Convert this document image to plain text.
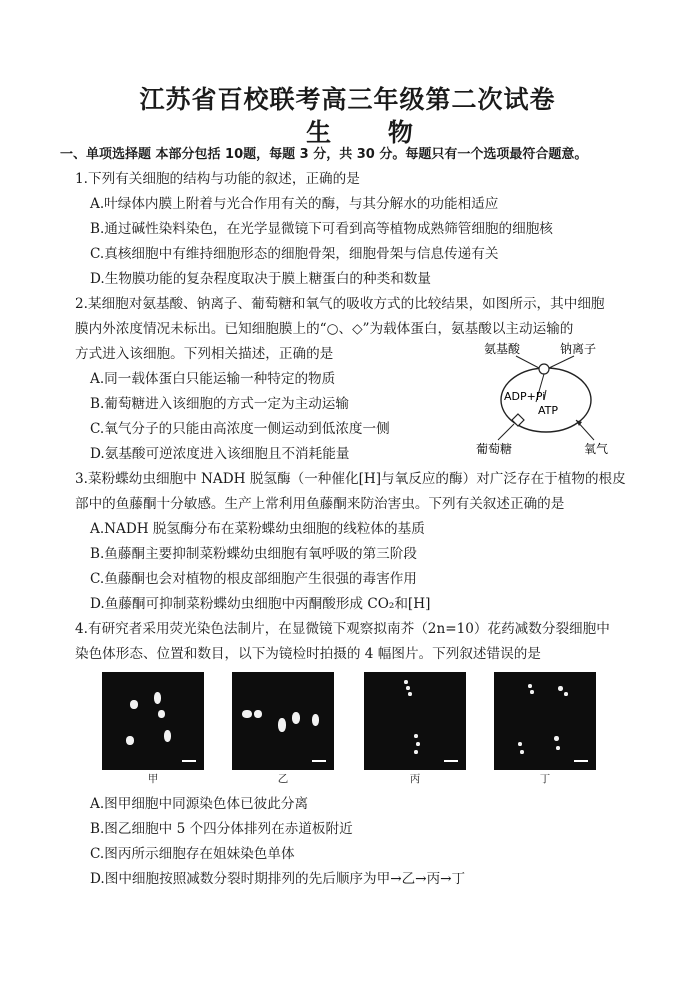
江苏省百校联考高三年级第二次试卷
生 物
一、单项选择题 本部分包括 10题，每题 3 分，共 30 分。每题只有一个选项最符合题意。
1.下列有关细胞的结构与功能的叙述，正确的是
A.叶绿体内膜上附着与光合作用有关的酶，与其分解水的功能相适应
B.通过碱性染料染色，在光学显微镜下可看到高等植物成熟筛管细胞的细胞核
C.真核细胞中有维持细胞形态的细胞骨架，细胞骨架与信息传递有关
D.生物膜功能的复杂程度取决于膜上糖蛋白的种类和数量
2.某细胞对氨基酸、钠离子、葡萄糖和氧气的吸收方式的比较结果，如图所示，其中细胞
膜内外浓度情况未标出。已知细胞膜上的“○、◇”为载体蛋白，氨基酸以主动运输的
方式进入该细胞。下列相关描述，正确的是
A.同一载体蛋白只能运输一种特定的物质
B.葡萄糖进入该细胞的方式一定为主动运输
C.氧气分子的只能由高浓度一侧运动到低浓度一侧
D.氨基酸可逆浓度进入该细胞且不消耗能量
氨基酸	钠离子
ADP+Pi
ATP
葡萄糖	氧气
3.菜粉蝶幼虫细胞中 NADH 脱氢酶（一种催化[H]与氧反应的酶）对广泛存在于植物的根皮
部中的鱼藤酮十分敏感。生产上常利用鱼藤酮来防治害虫。下列有关叙述正确的是
A.NADH 脱氢酶分布在菜粉蝶幼虫细胞的线粒体的基质
B.鱼藤酮主要抑制菜粉蝶幼虫细胞有氧呼吸的第三阶段
C.鱼藤酮也会对植物的根皮部细胞产生很强的毒害作用
D.鱼藤酮可抑制菜粉蝶幼虫细胞中丙酮酸形成 CO₂和[H]
4.有研究者采用荧光染色法制片，在显微镜下观察拟南芥（2n=10）花药减数分裂细胞中
染色体形态、位置和数目，以下为镜检时拍摄的 4 幅图片。下列叙述错误的是
甲	乙	丙	丁
A.图甲细胞中同源染色体已彼此分离
B.图乙细胞中 5 个四分体排列在赤道板附近
C.图丙所示细胞存在姐妹染色单体
D.图中细胞按照减数分裂时期排列的先后顺序为甲→乙→丙→丁
